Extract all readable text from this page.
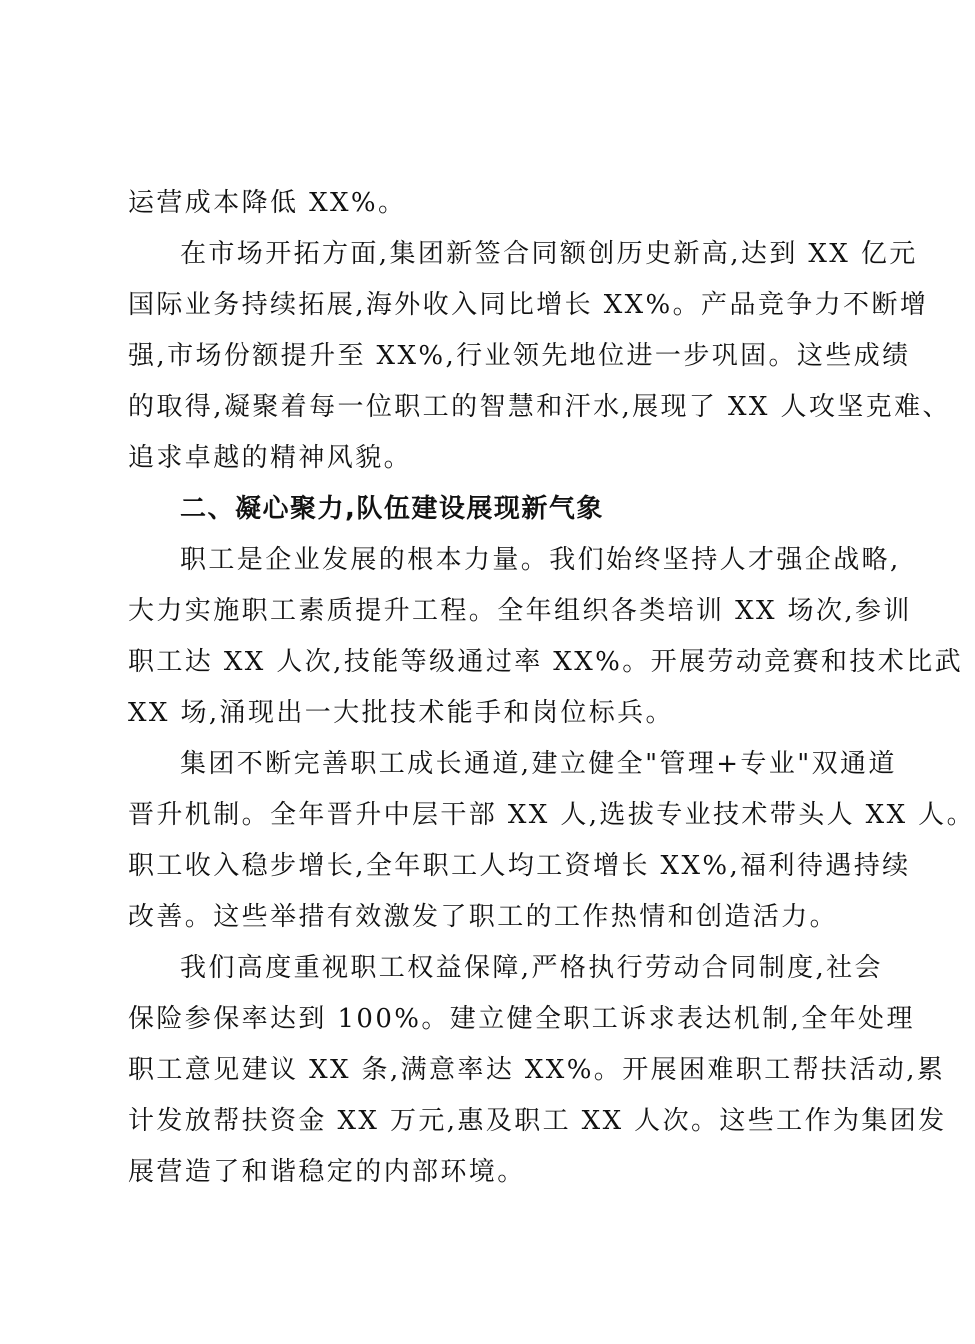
运营成本降低 XX%。
在市场开拓方面,集团新签合同额创历史新高,达到 XX 亿元
国际业务持续拓展,海外收入同比增长 XX%。产品竞争力不断增
强,市场份额提升至 XX%,行业领先地位进一步巩固。这些成绩
的取得,凝聚着每一位职工的智慧和汗水,展现了 XX 人攻坚克难、
追求卓越的精神风貌。
二、凝心聚力,队伍建设展现新气象
职工是企业发展的根本力量。我们始终坚持人才强企战略,
大力实施职工素质提升工程。全年组织各类培训 XX 场次,参训
职工达 XX 人次,技能等级通过率 XX%。开展劳动竞赛和技术比武
XX 场,涌现出一大批技术能手和岗位标兵。
集团不断完善职工成长通道,建立健全"管理+专业"双通道
晋升机制。全年晋升中层干部 XX 人,选拔专业技术带头人 XX 人。
职工收入稳步增长,全年职工人均工资增长 XX%,福利待遇持续
改善。这些举措有效激发了职工的工作热情和创造活力。
我们高度重视职工权益保障,严格执行劳动合同制度,社会
保险参保率达到 100%。建立健全职工诉求表达机制,全年处理
职工意见建议 XX 条,满意率达 XX%。开展困难职工帮扶活动,累
计发放帮扶资金 XX 万元,惠及职工 XX 人次。这些工作为集团发
展营造了和谐稳定的内部环境。
